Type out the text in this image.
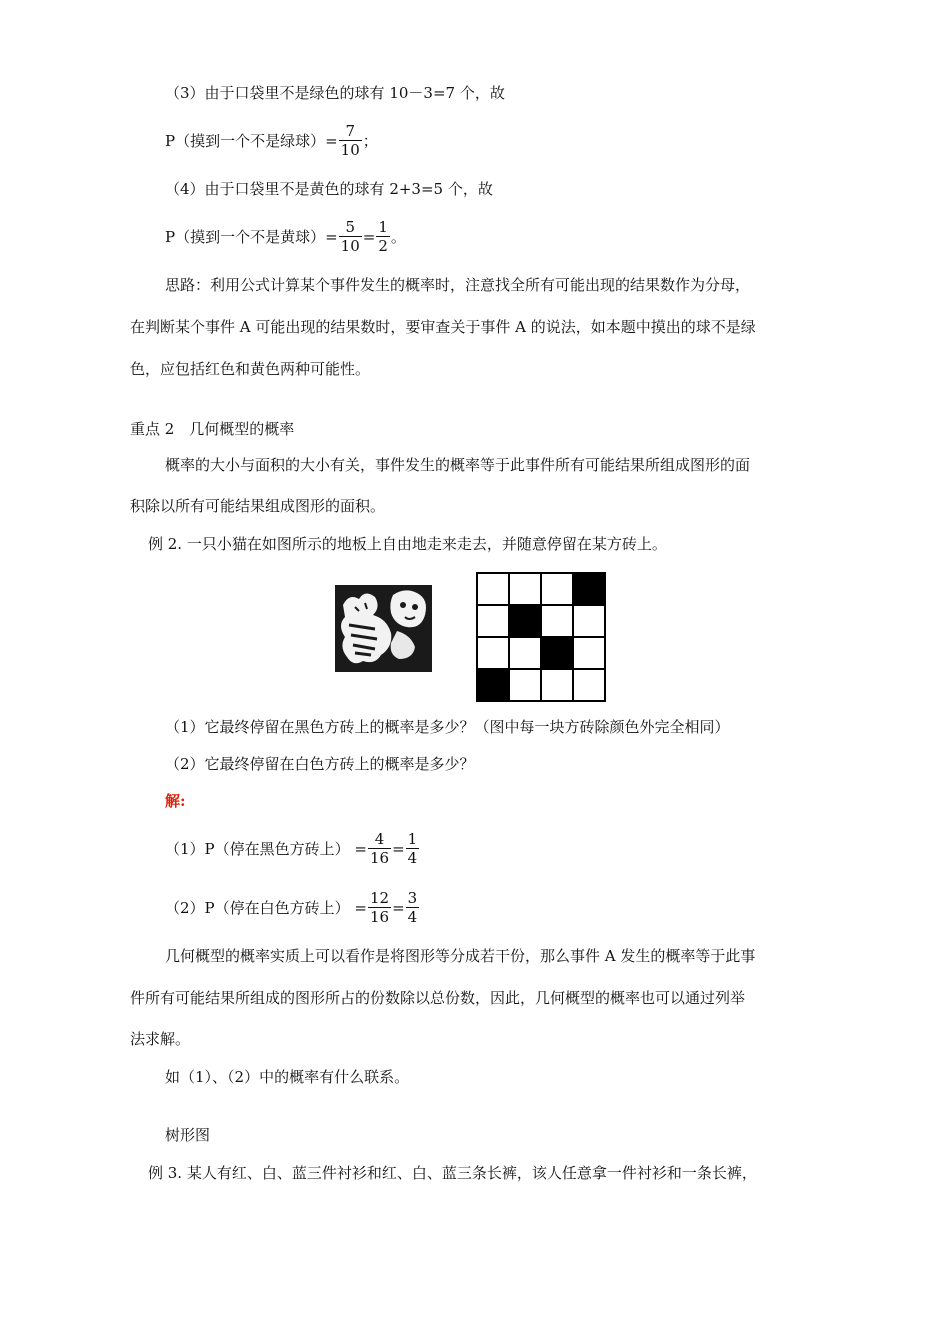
（3）由于口袋里不是绿色的球有 10－3=7 个，故
P（摸到一个不是绿球）= $\frac{7}{10}$ ；
（4）由于口袋里不是黄色的球有 2+3=5 个，故
P（摸到一个不是黄球）= $\frac{5}{10} = \frac{1}{2}$ 。
思路：利用公式计算某个事件发生的概率时，注意找全所有可能出现的结果数作为分母，
在判断某个事件 A 可能出现的结果数时，要审查关于事件 A 的说法，如本题中摸出的球不是绿
色，应包括红色和黄色两种可能性。
重点 2　几何概型的概率
概率的大小与面积的大小有关，事件发生的概率等于此事件所有可能结果所组成图形的面
积除以所有可能结果组成图形的面积。
例 2. 一只小猫在如图所示的地板上自由地走来走去，并随意停留在某方砖上。
（1）它最终停留在黑色方砖上的概率是多少？（图中每一块方砖除颜色外完全相同）
（2）它最终停留在白色方砖上的概率是多少？
解:
（1）P（停在黑色方砖上） = $\frac{4}{16} = \frac{1}{4}$
（2）P（停在白色方砖上） = $\frac{12}{16} = \frac{3}{4}$
几何概型的概率实质上可以看作是将图形等分成若干份，那么事件 A 发生的概率等于此事
件所有可能结果所组成的图形所占的份数除以总份数，因此，几何概型的概率也可以通过列举
法求解。
如（1）、（2）中的概率有什么联系。
树形图
例 3. 某人有红、白、蓝三件衬衫和红、白、蓝三条长裤，该人任意拿一件衬衫和一条长裤，
